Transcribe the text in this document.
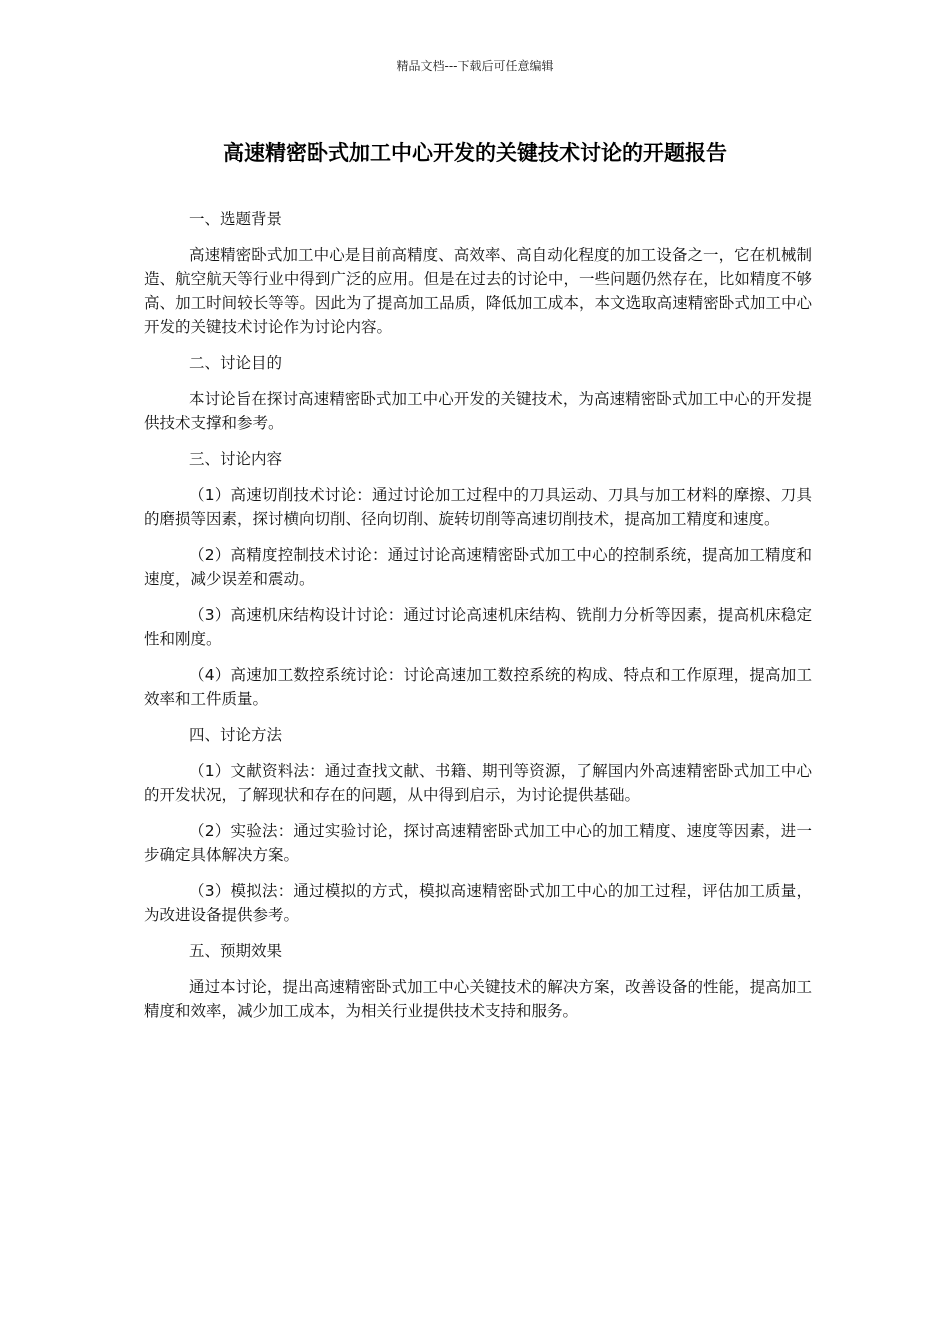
精品文档---下载后可任意编辑
高速精密卧式加工中心开发的关键技术讨论的开题报告
一、选题背景
高速精密卧式加工中心是目前高精度、高效率、高自动化程度的加工设备之一，它在机械制造、航空航天等行业中得到广泛的应用。但是在过去的讨论中，一些问题仍然存在，比如精度不够高、加工时间较长等等。因此为了提高加工品质，降低加工成本，本文选取高速精密卧式加工中心开发的关键技术讨论作为讨论内容。
二、讨论目的
本讨论旨在探讨高速精密卧式加工中心开发的关键技术，为高速精密卧式加工中心的开发提供技术支撑和参考。
三、讨论内容
（1）高速切削技术讨论：通过讨论加工过程中的刀具运动、刀具与加工材料的摩擦、刀具的磨损等因素，探讨横向切削、径向切削、旋转切削等高速切削技术，提高加工精度和速度。
（2）高精度控制技术讨论：通过讨论高速精密卧式加工中心的控制系统，提高加工精度和速度，减少误差和震动。
（3）高速机床结构设计讨论：通过讨论高速机床结构、铣削力分析等因素，提高机床稳定性和刚度。
（4）高速加工数控系统讨论：讨论高速加工数控系统的构成、特点和工作原理，提高加工效率和工件质量。
四、讨论方法
（1）文献资料法：通过查找文献、书籍、期刊等资源，了解国内外高速精密卧式加工中心的开发状况，了解现状和存在的问题，从中得到启示，为讨论提供基础。
（2）实验法：通过实验讨论，探讨高速精密卧式加工中心的加工精度、速度等因素，进一步确定具体解决方案。
（3）模拟法：通过模拟的方式，模拟高速精密卧式加工中心的加工过程，评估加工质量，为改进设备提供参考。
五、预期效果
通过本讨论，提出高速精密卧式加工中心关键技术的解决方案，改善设备的性能，提高加工精度和效率，减少加工成本，为相关行业提供技术支持和服务。
